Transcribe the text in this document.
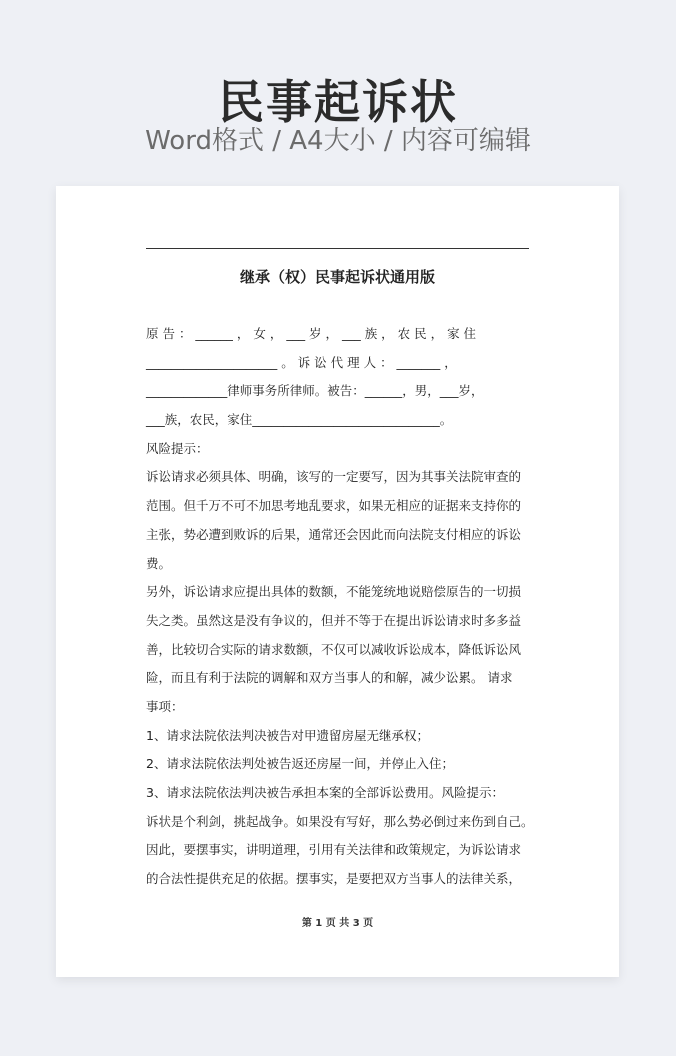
民事起诉状
Word格式 / A4大小 / 内容可编辑
继承（权）民事起诉状通用版
原 告 ： ______ ， 女 ， ___ 岁 ， ___ 族 ， 农 民 ， 家 住
_____________________ 。 诉 讼 代 理 人 ： _______ ，
_____________律师事务所律师。被告：______，男，___岁，
___族，农民，家住______________________________。
风险提示：
诉讼请求必须具体、明确，该写的一定要写，因为其事关法院审查的
范围。但千万不可不加思考地乱要求，如果无相应的证据来支持你的
主张，势必遭到败诉的后果，通常还会因此而向法院支付相应的诉讼
费。
另外，诉讼请求应提出具体的数额，不能笼统地说赔偿原告的一切损
失之类。虽然这是没有争议的，但并不等于在提出诉讼请求时多多益
善，比较切合实际的请求数额，不仅可以减收诉讼成本，降低诉讼风
险，而且有利于法院的调解和双方当事人的和解，减少讼累。 请求
事项：
1、请求法院依法判决被告对甲遗留房屋无继承权；
2、请求法院依法判处被告返还房屋一间，并停止入住；
3、请求法院依法判决被告承担本案的全部诉讼费用。风险提示：
诉状是个利剑，挑起战争。如果没有写好，那么势必倒过来伤到自己。
因此，要摆事实，讲明道理，引用有关法律和政策规定，为诉讼请求
的合法性提供充足的依据。摆事实，是要把双方当事人的法律关系，
第 1 页 共 3 页
